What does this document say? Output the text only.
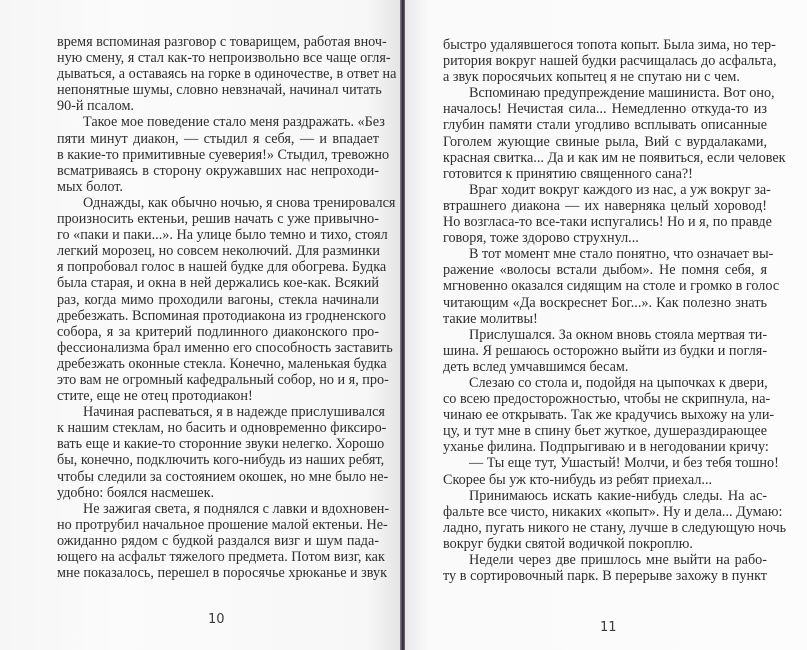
время вспоминая разговор с товарищем, работая вноч-
ную смену, я стал как-то непроизвольно все чаще огля-
дываться, а оставаясь на горке в одиночестве, в ответ на
непонятные шумы, словно невзначай, начинал читать
90-й псалом.
Такое мое поведение стало меня раздражать. «Без
пяти минут диакон, — стыдил я себя, — и впадает
в какие-то примитивные суеверия!» Стыдил, тревожно
всматриваясь в сторону окружавших нас непроходи-
мых болот.
Однажды, как обычно ночью, я снова тренировался
произносить ектеньи, решив начать с уже привычно-
го «паки и паки...». На улице было темно и тихо, стоял
легкий морозец, но совсем неколючий. Для разминки
я попробовал голос в нашей будке для обогрева. Будка
была старая, и окна в ней держались кое-как. Всякий
раз, когда мимо проходили вагоны, стекла начинали
дребезжать. Вспоминая протодиакона из гродненского
собора, я за критерий подлинного диаконского про-
фессионализма брал именно его способность заставить
дребезжать оконные стекла. Конечно, маленькая будка
это вам не огромный кафедральный собор, но и я, про-
стите, еще не отец протодиакон!
Начиная распеваться, я в надежде прислушивался
к нашим стеклам, но басить и одновременно фиксиро-
вать еще и какие-то сторонние звуки нелегко. Хорошо
бы, конечно, подключить кого-нибудь из наших ребят,
чтобы следили за состоянием окошек, но мне было не-
удобно: боялся насмешек.
Не зажигая света, я поднялся с лавки и вдохновен-
но протрубил начальное прошение малой ектеньи. Не-
ожиданно рядом с будкой раздался визг и шум пада-
ющего на асфальт тяжелого предмета. Потом визг, как
мне показалось, перешел в поросячье хрюканье и звук
10
быстро удалявшегося топота копыт. Была зима, но тер-
ритория вокруг нашей будки расчищалась до асфальта,
а звук поросячьих копытец я не спутаю ни с чем.
Вспоминаю предупреждение машиниста. Вот оно,
началось! Нечистая сила... Немедленно откуда-то из
глубин памяти стали угодливо всплывать описанные
Гоголем жующие свиные рыла, Вий с вурдалаками,
красная свитка... Да и как им не появиться, если человек
готовится к принятию священного сана?!
Враг ходит вокруг каждого из нас, а уж вокруг за-
втрашнего диакона — их наверняка целый хоровод!
Но возгласа-то все-таки испугались! Но и я, по правде
говоря, тоже здорово струхнул...
В тот момент мне стало понятно, что означает вы-
ражение «волосы встали дыбом». Не помня себя, я
мгновенно оказался сидящим на столе и громко в голос
читающим «Да воскреснет Бог...». Как полезно знать
такие молитвы!
Прислушался. За окном вновь стояла мертвая ти-
шина. Я решаюсь осторожно выйти из будки и погля-
деть вслед умчавшимся бесам.
Слезаю со стола и, подойдя на цыпочках к двери,
со всею предосторожностью, чтобы не скрипнула, на-
чинаю ее открывать. Так же крадучись выхожу на ули-
цу, и тут мне в спину бьет жуткое, душераздирающее
уханье филина. Подпрыгиваю и в негодовании кричу:
— Ты еще тут, Ушастый! Молчи, и без тебя тошно!
Скорее бы уж кто-нибудь из ребят приехал...
Принимаюсь искать какие-нибудь следы. На ас-
фальте все чисто, никаких «копыт». Ну и дела... Думаю:
ладно, пугать никого не стану, лучше в следующую ночь
вокруг будки святой водичкой покроплю.
Недели через две пришлось мне выйти на рабо-
ту в сортировочный парк. В перерыве захожу в пункт
11
